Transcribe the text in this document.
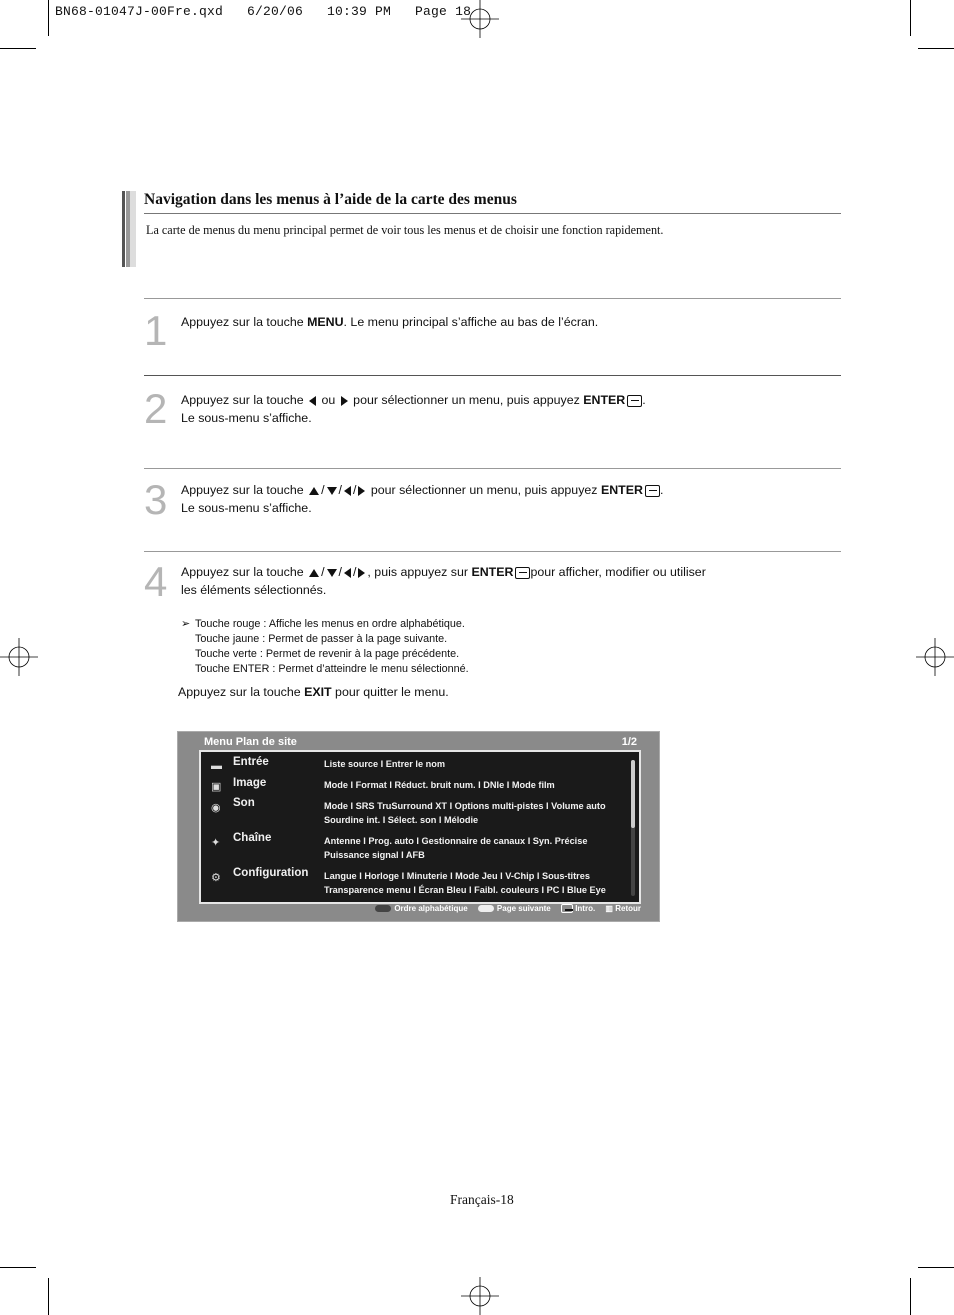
BN68-01047J-00Fre.qxd   6/20/06   10:39 PM   Page 18
Navigation dans les menus à l’aide de la carte des menus
La carte de menus du menu principal permet de voir tous les menus et de choisir une fonction rapidement.
1 Appuyez sur la touche MENU. Le menu principal s’affiche au bas de l’écran.
2 Appuyez sur la touche  ou  pour sélectionner un menu, puis appuyez ENTER .
Le sous-menu s’affiche.
3 Appuyez sur la touche / / / pour sélectionner un menu, puis appuyez ENTER .
Le sous-menu s’affiche.
4 Appuyez sur la touche / / / , puis appuyez sur ENTER pour afficher, modifier ou utiliser
les éléments sélectionnés.
➢ Touche rouge : Affiche les menus en ordre alphabétique.
Touche jaune : Permet de passer à la page suivante.
Touche verte : Permet de revenir à la page précédente.
Touche ENTER : Permet d’atteindre le menu sélectionné.
Appuyez sur la touche EXIT pour quitter le menu.
Menu Plan de site	1/2
▬ Entrée	Liste source I Entrer le nom
▣	Image	Mode I Format I Réduct. bruit num. I DNIe I Mode film
◉	Son	Mode I SRS TruSurround XT I Options multi-pistes I Volume auto
Sourdine int. I Sélect. son I Mélodie
✦	Chaîne	Antenne I Prog. auto I Gestionnaire de canaux I Syn. Précise
Puissance signal I AFB
⚙	Configuration Langue I Horloge I Minuterie I Mode Jeu I V-Chip I Sous-titres
Transparence menu I Écran Bleu I Faibl. couleurs I PC I Blue Eye
Ordre alphabétique	Page suivante	Intro. ▥ Retour
Français-18
